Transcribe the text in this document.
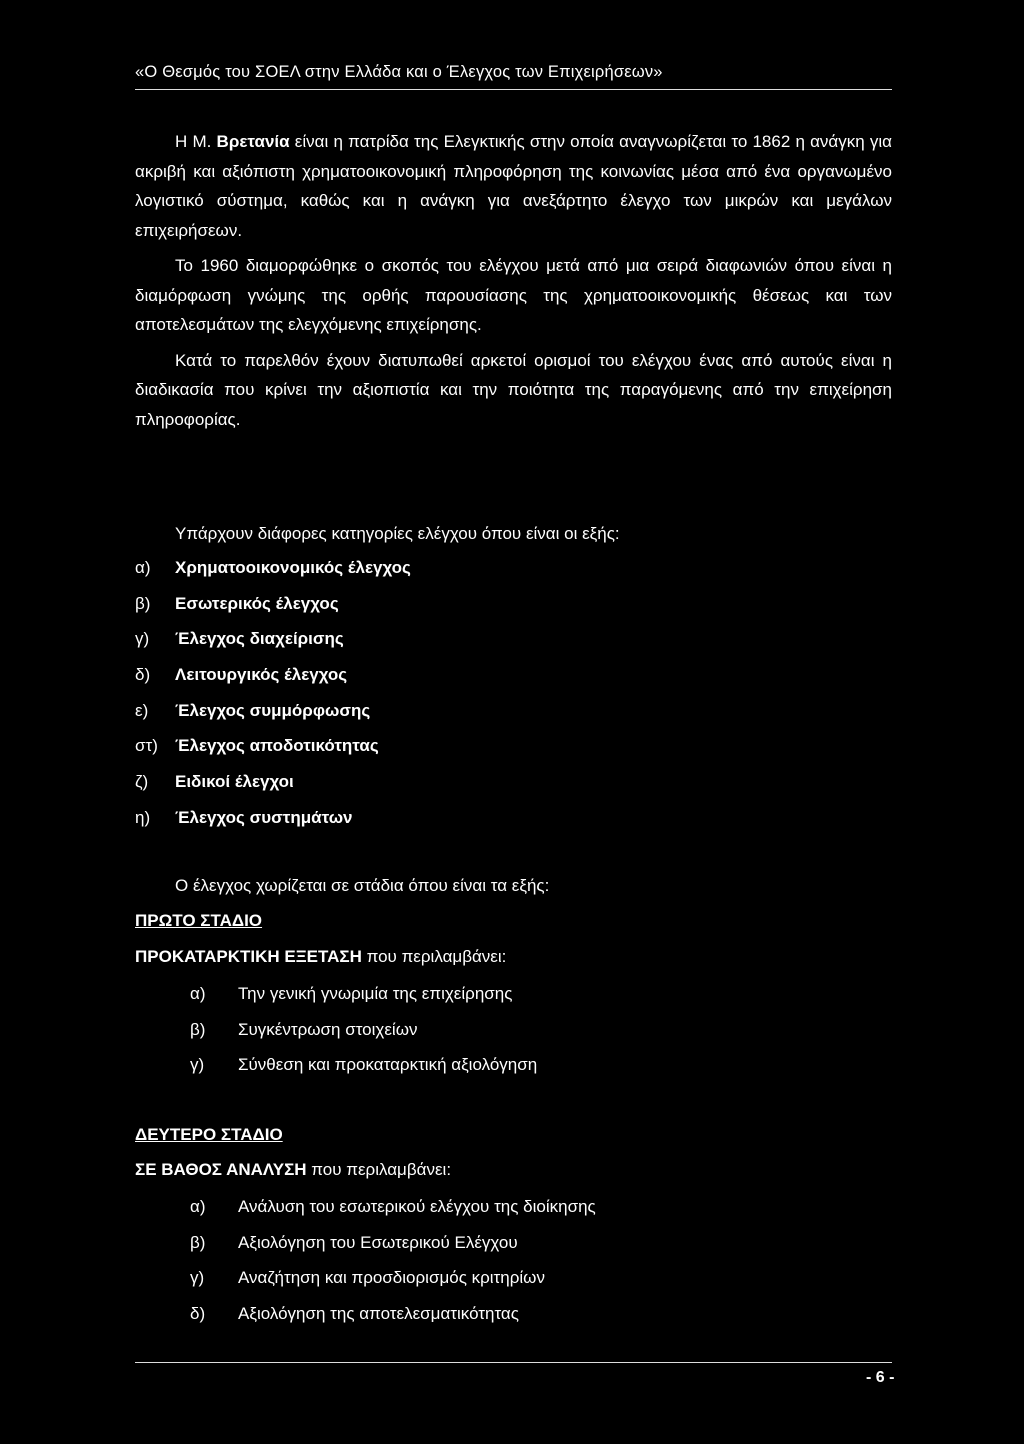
«Ο Θεσμός του ΣΟΕΛ στην Ελλάδα και ο Έλεγχος των Επιχειρήσεων»

Η Μ. Βρετανία είναι η πατρίδα της Ελεγκτικής στην οποία αναγνωρίζεται το 1862 η ανάγκη για ακριβή και αξιόπιστη χρηματοοικονομική πληροφόρηση της κοινωνίας μέσα από ένα οργανωμένο λογιστικό σύστημα, καθώς και η ανάγκη για ανεξάρτητο έλεγχο των μικρών και μεγάλων επιχειρήσεων.

Το 1960 διαμορφώθηκε ο σκοπός του ελέγχου μετά από μια σειρά διαφωνιών όπου είναι η διαμόρφωση γνώμης της ορθής παρουσίασης της χρηματοοικονομικής θέσεως και των αποτελεσμάτων της ελεγχόμενης επιχείρησης.

Κατά το παρελθόν έχουν διατυπωθεί αρκετοί ορισμοί του ελέγχου ένας από αυτούς είναι η διαδικασία που κρίνει την αξιοπιστία και την ποιότητα της παραγόμενης από την επιχείρηση πληροφορίας.

Υπάρχουν διάφορες κατηγορίες ελέγχου όπου είναι οι εξής:
α)	Χρηματοοικονομικός έλεγχος
β)	Εσωτερικός έλεγχος
γ)	Έλεγχος διαχείρισης
δ)	Λειτουργικός έλεγχος
ε)	Έλεγχος συμμόρφωσης
στ)	Έλεγχος αποδοτικότητας
ζ)	Ειδικοί έλεγχοι
η)	Έλεγχος συστημάτων
Ο έλεγχος χωρίζεται σε στάδια όπου είναι τα εξής:
ΠΡΩΤΟ ΣΤΑΔΙΟ
ΠΡΟΚΑΤΑΡΚΤΙΚΗ ΕΞΕΤΑΣΗ που περιλαμβάνει:
α)	Την γενική γνωριμία της επιχείρησης
β)	Συγκέντρωση στοιχείων
γ)	Σύνθεση και προκαταρκτική αξιολόγηση
ΔΕΥΤΕΡΟ ΣΤΑΔΙΟ
ΣΕ ΒΑΘΟΣ ΑΝΑΛΥΣΗ που περιλαμβάνει:
α)	Ανάλυση του εσωτερικού ελέγχου της διοίκησης
β)	Αξιολόγηση του Εσωτερικού Ελέγχου
γ)	Αναζήτηση και προσδιορισμός κριτηρίων
δ)	Αξιολόγηση της αποτελεσματικότητας
- 6 -
